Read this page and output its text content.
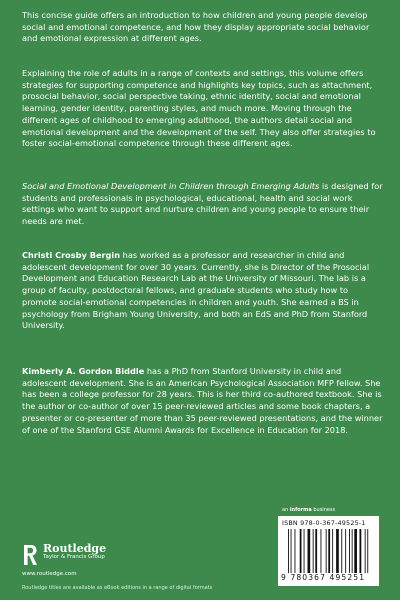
This concise guide offers an introduction to how children and young people develop social and emotional competence, and how they display appropriate social behavior and emotional expression at different ages.

Explaining the role of adults in a range of contexts and settings, this volume offers strategies for supporting competence and highlights key topics, such as attachment, prosocial behavior, social perspective taking, ethnic identity, social and emotional learning, gender identity, parenting styles, and much more. Moving through the different ages of childhood to emerging adulthood, the authors detail social and emotional development and the development of the self. They also offer strategies to foster social-emotional competence through these different ages.

Social and Emotional Development in Children through Emerging Adults is designed for students and professionals in psychological, educational, health and social work settings who want to support and nurture children and young people to ensure their needs are met.

Christi Crosby Bergin has worked as a professor and researcher in child and adolescent development for over 30 years. Currently, she is Director of the Prosocial Development and Education Research Lab at the University of Missouri. The lab is a group of faculty, postdoctoral fellows, and graduate students who study how to promote social-emotional competencies in children and youth. She earned a BS in psychology from Brigham Young University, and both an EdS and PhD from Stanford University.

Kimberly A. Gordon Biddle has a PhD from Stanford University in child and adolescent development. She is an American Psychological Association MFP fellow. She has been a college professor for 28 years. This is her third co-authored textbook. She is the author or co-author of over 15 peer-reviewed articles and some book chapters, a presenter or co-presenter of more than 35 peer-reviewed presentations, and the winner of one of the Stanford GSE Alumni Awards for Excellence in Education for 2018.

an informa business
Routledge
Taylor & Francis Group
www.routledge.com
Routledge titles are available as eBook editions in a range of digital formats
ISBN 978-0-367-49525-1
9 780367 495251
